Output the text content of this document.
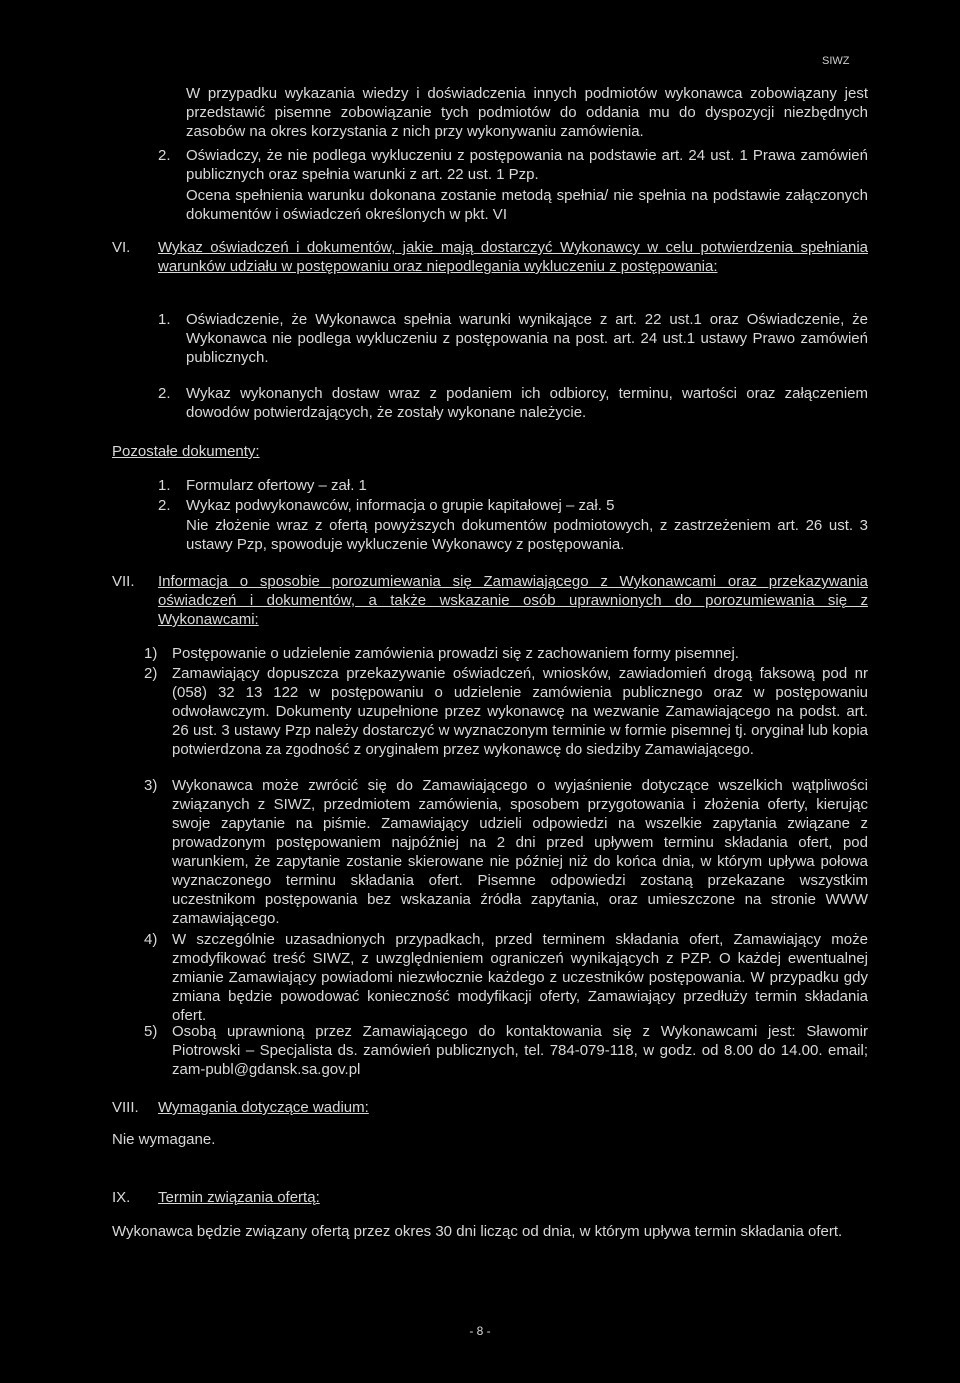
SIWZ

W przypadku wykazania wiedzy i doświadczenia innych podmiotów wykonawca zobowiązany jest przedstawić pisemne zobowiązanie tych podmiotów do oddania mu do dyspozycji niezbędnych zasobów na okres korzystania z nich przy wykonywaniu zamówienia.

2.	Oświadczy, że nie podlega wykluczeniu z postępowania na podstawie art. 24 ust. 1 Prawa zamówień publicznych oraz spełnia warunki z art. 22 ust. 1 Pzp.

Ocena spełnienia warunku dokonana zostanie metodą spełnia/ nie spełnia na podstawie załączonych dokumentów i oświadczeń określonych w pkt. VI

VI.	Wykaz oświadczeń i dokumentów, jakie mają dostarczyć Wykonawcy w celu potwierdzenia spełniania warunków udziału w postępowaniu oraz niepodlegania wykluczeniu z postępowania:

1.	Oświadczenie, że Wykonawca spełnia warunki wynikające z art. 22 ust.1 oraz Oświadczenie, że Wykonawca nie podlega wykluczeniu z postępowania na post. art. 24 ust.1 ustawy Prawo zamówień publicznych.

2.	Wykaz wykonanych dostaw wraz z podaniem ich odbiorcy, terminu, wartości oraz załączeniem dowodów potwierdzających, że zostały wykonane należycie.

Pozostałe dokumenty:

1.	Formularz ofertowy – zał. 1

2.	Wykaz podwykonawców, informacja o grupie kapitałowej – zał. 5

Nie złożenie wraz z ofertą powyższych dokumentów podmiotowych, z zastrzeżeniem art. 26 ust. 3 ustawy Pzp, spowoduje wykluczenie Wykonawcy z postępowania.

VII.	Informacja o sposobie porozumiewania się Zamawiającego z Wykonawcami oraz przekazywania oświadczeń i dokumentów, a także wskazanie osób uprawnionych do porozumiewania się z Wykonawcami:

1) Postępowanie o udzielenie zamówienia prowadzi się z zachowaniem formy pisemnej.

2) Zamawiający dopuszcza przekazywanie oświadczeń, wniosków, zawiadomień drogą faksową pod nr (058) 32 13 122 w postępowaniu o udzielenie zamówienia publicznego oraz w postępowaniu odwoławczym. Dokumenty uzupełnione przez wykonawcę na wezwanie Zamawiającego na podst. art. 26 ust. 3 ustawy Pzp należy dostarczyć w wyznaczonym terminie w formie pisemnej tj. oryginał lub kopia potwierdzona za zgodność z oryginałem przez wykonawcę do siedziby Zamawiającego.

3) Wykonawca może zwrócić się do Zamawiającego o wyjaśnienie dotyczące wszelkich wątpliwości związanych z SIWZ, przedmiotem zamówienia, sposobem przygotowania i złożenia oferty, kierując swoje zapytanie na piśmie. Zamawiający udzieli odpowiedzi na wszelkie zapytania związane z prowadzonym postępowaniem najpóźniej na 2 dni przed upływem terminu składania ofert, pod warunkiem, że zapytanie zostanie skierowane nie później niż do końca dnia, w którym upływa połowa wyznaczonego terminu składania ofert. Pisemne odpowiedzi zostaną przekazane wszystkim uczestnikom postępowania bez wskazania źródła zapytania, oraz umieszczone na stronie WWW zamawiającego.

4) W szczególnie uzasadnionych przypadkach, przed terminem składania ofert, Zamawiający może zmodyfikować treść SIWZ, z uwzględnieniem ograniczeń wynikających z PZP. O każdej ewentualnej zmianie Zamawiający powiadomi niezwłocznie każdego z uczestników postępowania. W przypadku gdy zmiana będzie powodować konieczność modyfikacji oferty, Zamawiający przedłuży termin składania ofert.

5) Osobą uprawnioną przez Zamawiającego do kontaktowania się z Wykonawcami jest: Sławomir Piotrowski – Specjalista ds. zamówień publicznych, tel. 784-079-118, w godz. od 8.00 do 14.00. email; zam-publ@gdansk.sa.gov.pl

VIII.	Wymagania dotyczące wadium:

Nie wymagane.

IX.	Termin związania ofertą:

Wykonawca będzie związany ofertą przez okres 30 dni licząc od dnia, w którym upływa termin składania ofert.

- 8 -
